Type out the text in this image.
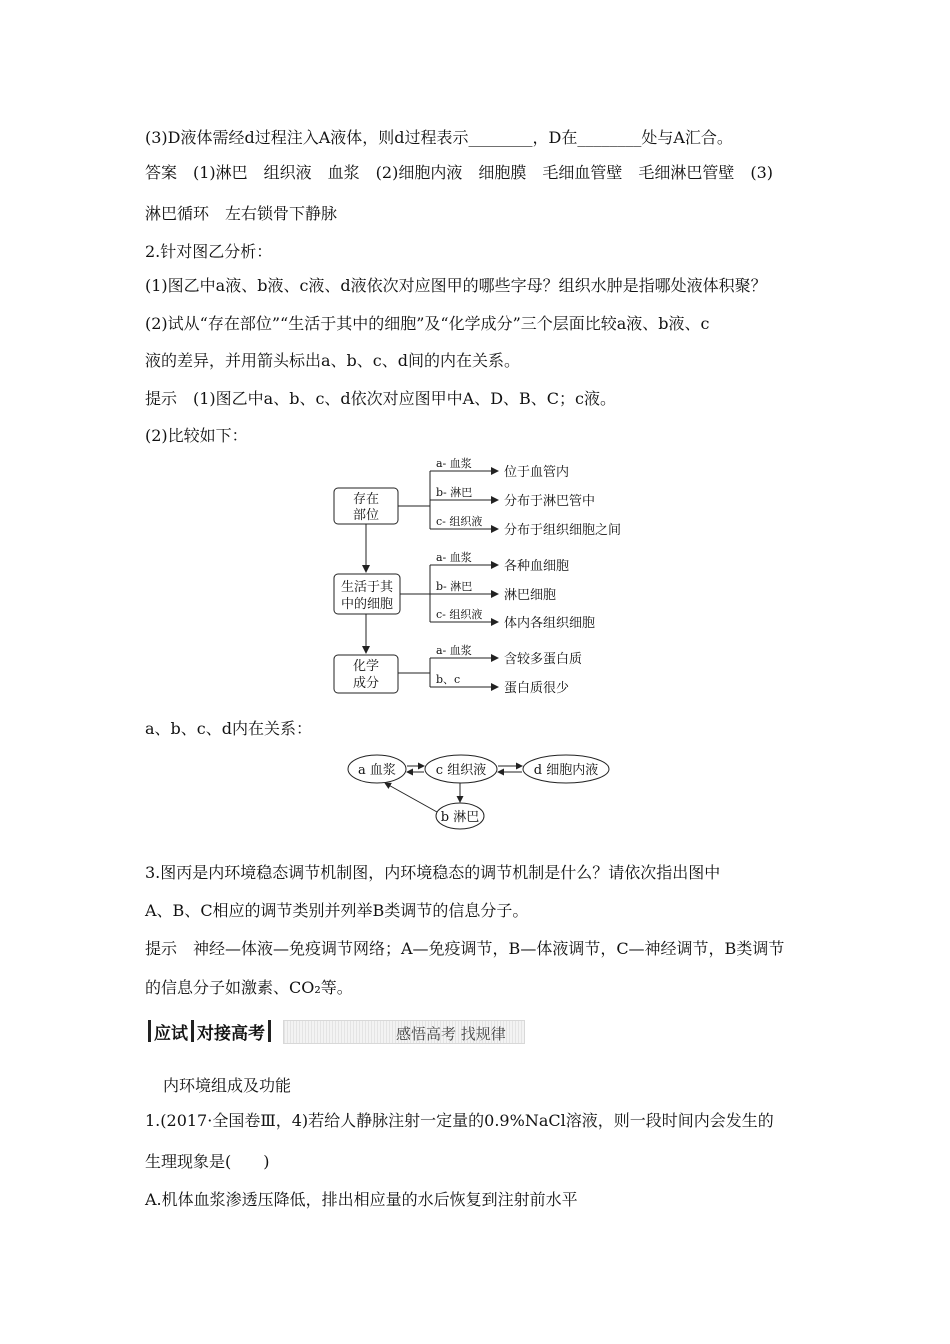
(3)D液体需经d过程注入A液体，则d过程表示________，D在________处与A汇合。
答案　(1)淋巴　组织液　血浆　(2)细胞内液　细胞膜　毛细血管壁　毛细淋巴管壁　(3)
淋巴循环　左右锁骨下静脉
2.针对图乙分析：
(1)图乙中a液、b液、c液、d液依次对应图甲的哪些字母？组织水肿是指哪处液体积聚？
(2)试从“存在部位”“生活于其中的细胞”及“化学成分”三个层面比较a液、b液、c
液的差异，并用箭头标出a、b、c、d间的内在关系。
提示　(1)图乙中a、b、c、d依次对应图甲中A、D、B、C；c液。
(2)比较如下：
存在
部位
生活于其
中的细胞
化学
成分
a- 血浆
b- 淋巴
c- 组织液
位于血管内
分布于淋巴管中
分布于组织细胞之间
a- 血浆
b- 淋巴
c- 组织液
各种血细胞
淋巴细胞
体内各组织细胞
a- 血浆
b、c
含较多蛋白质
蛋白质很少
a、b、c、d内在关系：
a 血浆	c 组织液	d 细胞内液
b 淋巴
3.图丙是内环境稳态调节机制图，内环境稳态的调节机制是什么？请依次指出图中
A、B、C相应的调节类别并列举B类调节的信息分子。
提示　神经—体液—免疫调节网络；A—免疫调节，B—体液调节，C—神经调节，B类调节
的信息分子如激素、CO₂等。
应试 对接高考	感悟高考 找规律
内环境组成及功能
1.(2017·全国卷Ⅲ，4)若给人静脉注射一定量的0.9%NaCl溶液，则一段时间内会发生的
生理现象是(　　)
A.机体血浆渗透压降低，排出相应量的水后恢复到注射前水平
